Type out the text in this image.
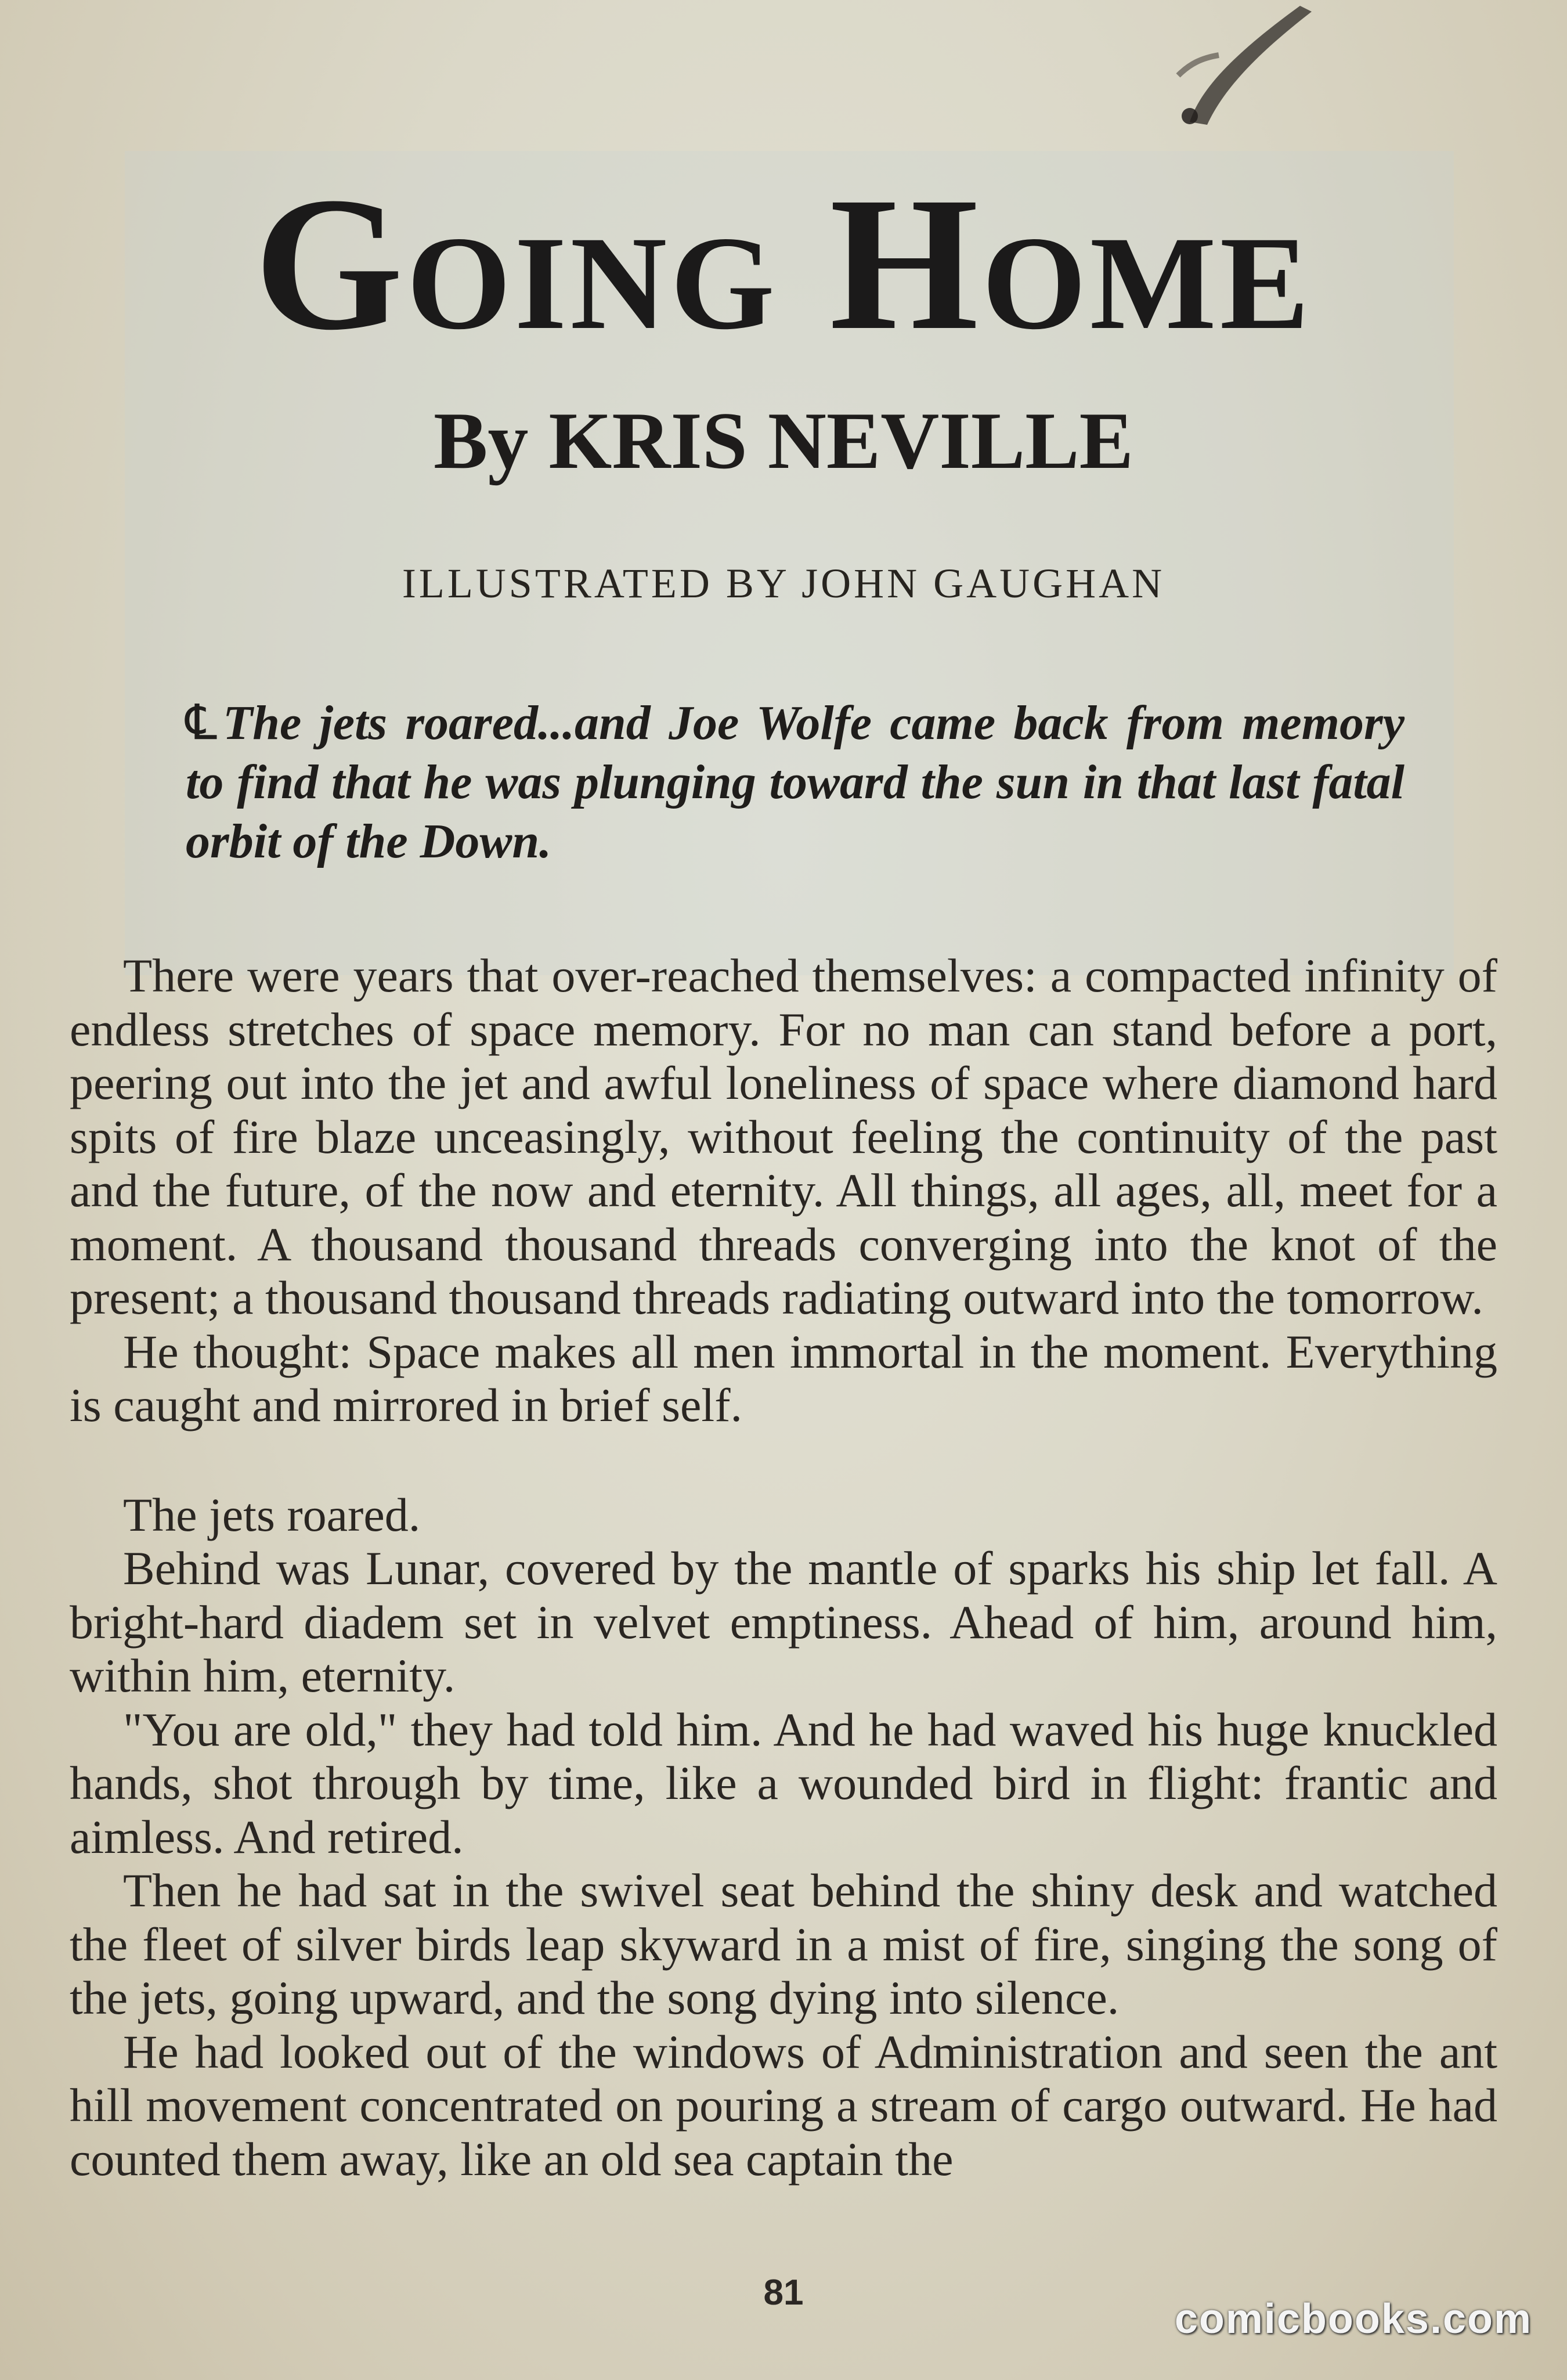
Going Home
By KRIS NEVILLE

ILLUSTRATED BY JOHN GAUGHAN

℄ The jets roared...and Joe Wolfe came back from memory to find that he was plunging toward the sun in that last fatal orbit of the Down.

There were years that over-reached themselves: a compacted infinity of endless stretches of space memory. For no man can stand before a port, peering out into the jet and awful loneliness of space where diamond hard spits of fire blaze unceasingly, without feeling the continuity of the past and the future, of the now and eternity. All things, all ages, all, meet for a moment. A thousand thousand threads converging into the knot of the present; a thousand thousand threads radiating outward into the tomorrow.

He thought: Space makes all men immortal in the moment. Everything is caught and mirrored in brief self.

The jets roared.

Behind was Lunar, covered by the mantle of sparks his ship let fall. A bright-hard diadem set in velvet emptiness. Ahead of him, around him, within him, eternity.

"You are old," they had told him. And he had waved his huge knuckled hands, shot through by time, like a wounded bird in flight: frantic and aimless. And retired.

Then he had sat in the swivel seat behind the shiny desk and watched the fleet of silver birds leap skyward in a mist of fire, singing the song of the jets, going upward, and the song dying into silence.

He had looked out of the windows of Administration and seen the ant hill movement concentrated on pouring a stream of cargo outward. He had counted them away, like an old sea captain the

81

comicbooks.com
